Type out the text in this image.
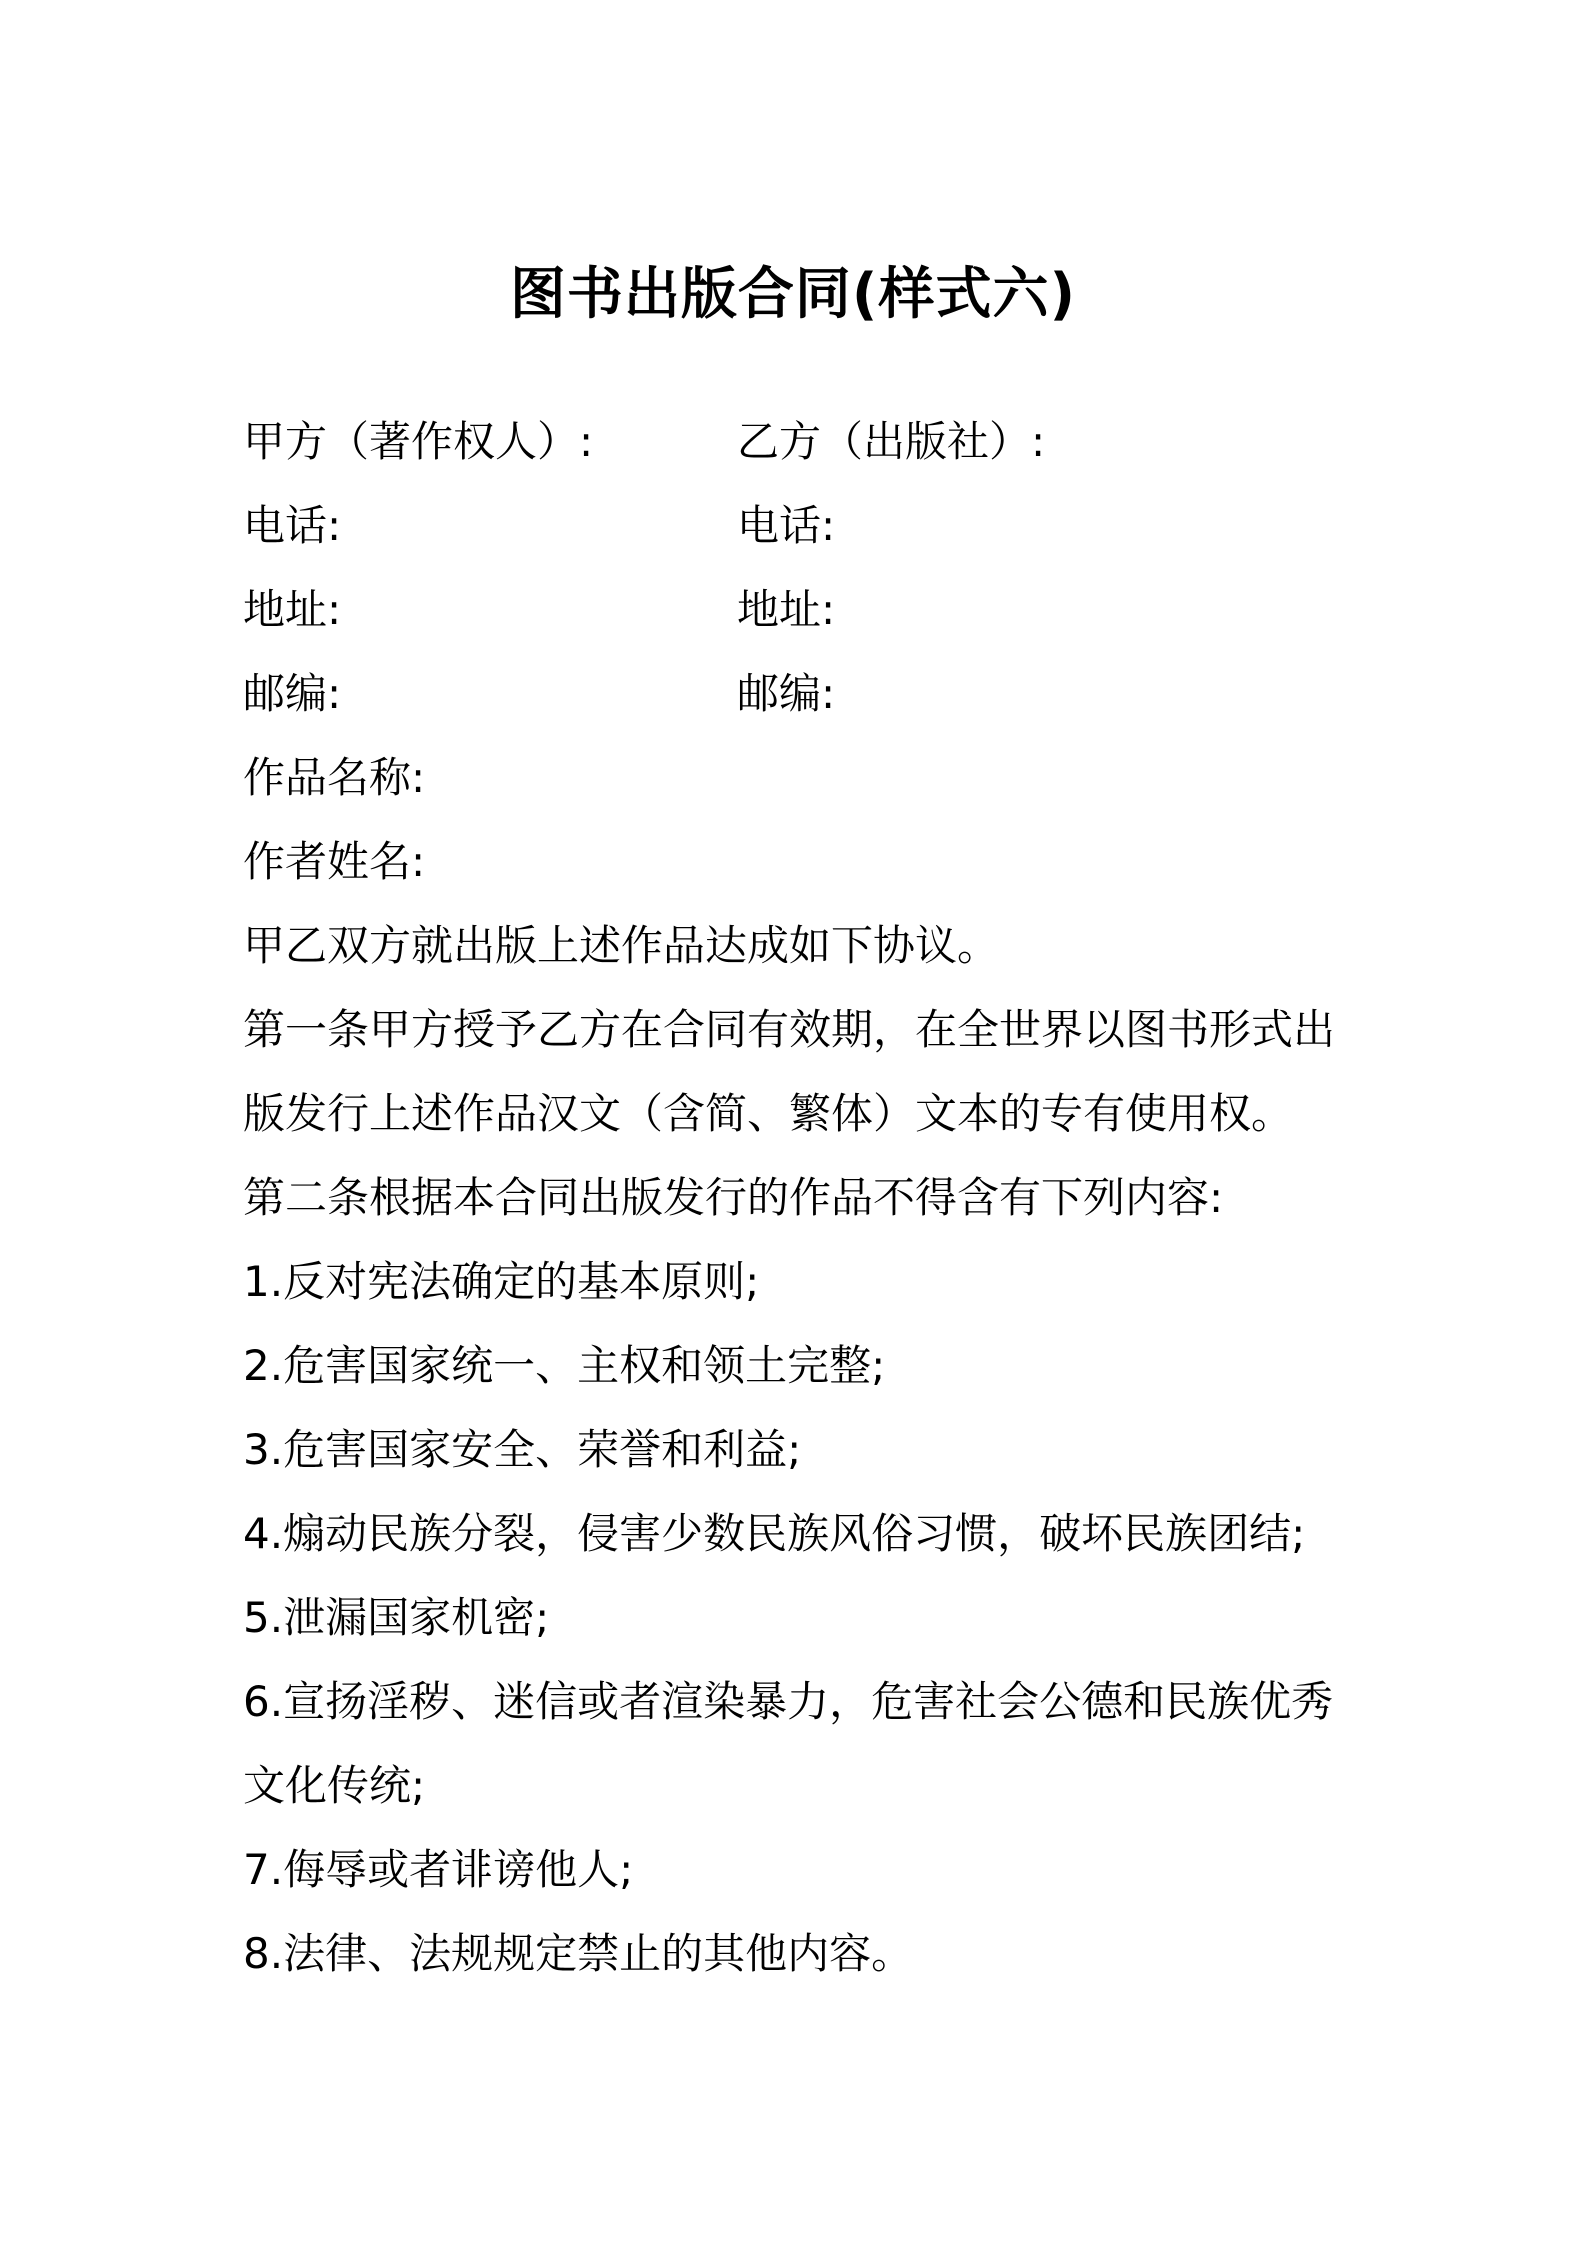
图书出版合同(样式六)
甲方（著作权人）:	乙方（出版社）:
电话:	电话:
地址:	地址:
邮编:	邮编:
作品名称:
作者姓名:
甲乙双方就出版上述作品达成如下协议。
第一条甲方授予乙方在合同有效期，在全世界以图书形式出
版发行上述作品汉文（含简、繁体）文本的专有使用权。
第二条根据本合同出版发行的作品不得含有下列内容:
1.反对宪法确定的基本原则;
2.危害国家统一、主权和领土完整;
3.危害国家安全、荣誉和利益;
4.煽动民族分裂，侵害少数民族风俗习惯，破坏民族团结;
5.泄漏国家机密;
6.宣扬淫秽、迷信或者渲染暴力，危害社会公德和民族优秀
文化传统;
7.侮辱或者诽谤他人;
8.法律、法规规定禁止的其他内容。
